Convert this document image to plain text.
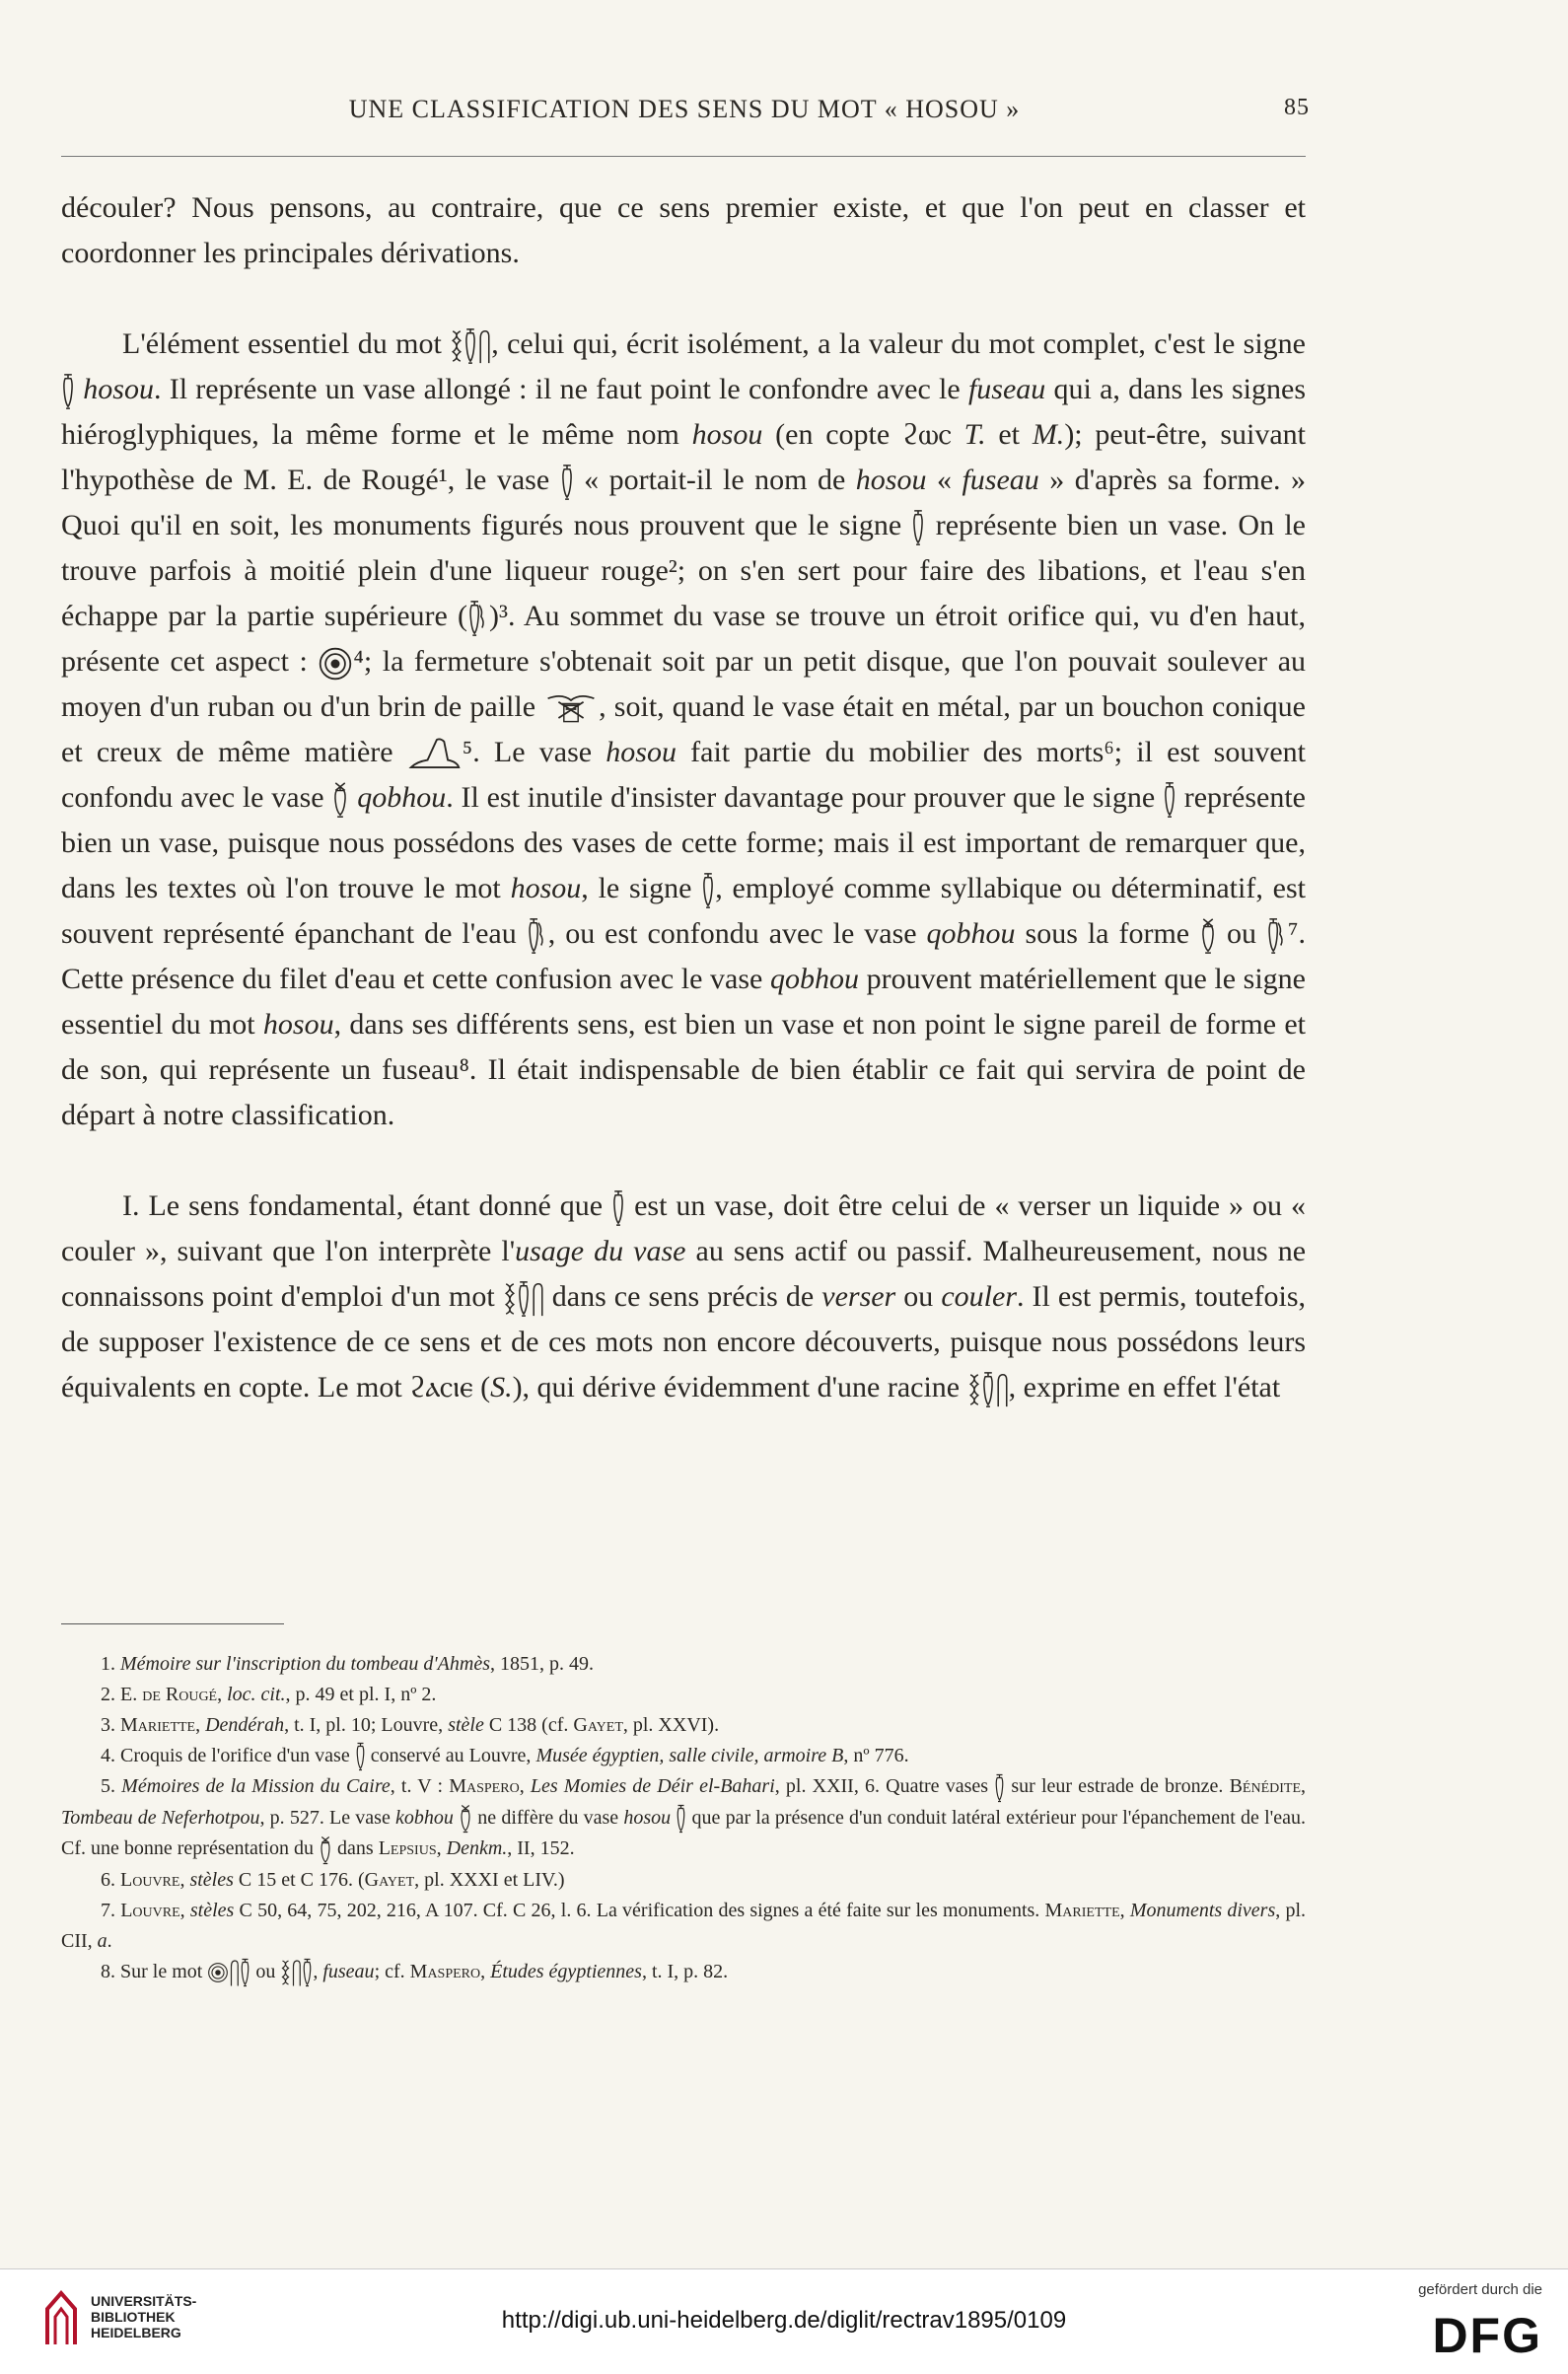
UNE CLASSIFICATION DES SENS DU MOT « HOSOU »	85

découler? Nous pensons, au contraire, que ce sens premier existe, et que l'on peut en classer et coordonner les principales dérivations.

L'élément essentiel du mot , celui qui, écrit isolément, a la valeur du mot complet, c'est le signe  hosou. Il représente un vase allongé : il ne faut point le confondre avec le fuseau qui a, dans les signes hiéroglyphiques, la même forme et le même nom hosou (en copte ϩⲱⲥ T. et M.); peut-être, suivant l'hypothèse de M. E. de Rougé¹, le vase  « portait-il le nom de hosou « fuseau » d'après sa forme. » Quoi qu'il en soit, les monuments figurés nous prouvent que le signe  représente bien un vase. On le trouve parfois à moitié plein d'une liqueur rouge²; on s'en sert pour faire des libations, et l'eau s'en échappe par la partie supérieure ( )³. Au sommet du vase se trouve un étroit orifice qui, vu d'en haut, présente cet aspect : ⁴; la fermeture s'obtenait soit par un petit disque, que l'on pouvait soulever au moyen d'un ruban ou d'un brin de paille , soit, quand le vase était en métal, par un bouchon conique et creux de même matière ⁵. Le vase hosou fait partie du mobilier des morts⁶; il est souvent confondu avec le vase  qobhou. Il est inutile d'insister davantage pour prouver que le signe  représente bien un vase, puisque nous possédons des vases de cette forme; mais il est important de remarquer que, dans les textes où l'on trouve le mot hosou, le signe , employé comme syllabique ou déterminatif, est souvent représenté épanchant de l'eau , ou est confondu avec le vase qobhou sous la forme  ou ⁷. Cette présence du filet d'eau et cette confusion avec le vase qobhou prouvent matériellement que le signe essentiel du mot hosou, dans ses différents sens, est bien un vase et non point le signe pareil de forme et de son, qui représente un fuseau⁸. Il était indispensable de bien établir ce fait qui servira de point de départ à notre classification.

I. Le sens fondamental, étant donné que  est un vase, doit être celui de « verser un liquide » ou « couler », suivant que l'on interprète l'usage du vase au sens actif ou passif. Malheureusement, nous ne connaissons point d'emploi d'un mot  dans ce sens précis de verser ou couler. Il est permis, toutefois, de supposer l'existence de ce sens et de ces mots non encore découverts, puisque nous possédons leurs équivalents en copte. Le mot ϩⲁⲥⲓⲉ (S.), qui dérive évidemment d'une racine , exprime en effet l'état

1. Mémoire sur l'inscription du tombeau d'Ahmès, 1851, p. 49.

2. E. de Rougé, loc. cit., p. 49 et pl. I, nº 2.

3. Mariette, Dendérah, t. I, pl. 10; Louvre, stèle C 138 (cf. Gayet, pl. XXVI).

4. Croquis de l'orifice d'un vase  conservé au Louvre, Musée égyptien, salle civile, armoire B, nº 776.

5. Mémoires de la Mission du Caire, t. V : Maspero, Les Momies de Déir el-Bahari, pl. XXII, 6. Quatre vases  sur leur estrade de bronze. Bénédite, Tombeau de Neferhotpou, p. 527. Le vase kobhou  ne diffère du vase hosou  que par la présence d'un conduit latéral extérieur pour l'épanchement de l'eau. Cf. une bonne représentation du  dans Lepsius, Denkm., II, 152.

6. Louvre, stèles C 15 et C 176. (Gayet, pl. XXXI et LIV.)

7. Louvre, stèles C 50, 64, 75, 202, 216, A 107. Cf. C 26, l. 6. La vérification des signes a été faite sur les monuments. Mariette, Monuments divers, pl. CII, a.

8. Sur le mot  ou , fuseau; cf. Maspero, Études égyptiennes, t. I, p. 82.

UNIVERSITÄTS-
BIBLIOTHEK
HEIDELBERG	http://digi.ub.uni-heidelberg.de/diglit/rectrav1895/0109
gefördert durch die
DFG
